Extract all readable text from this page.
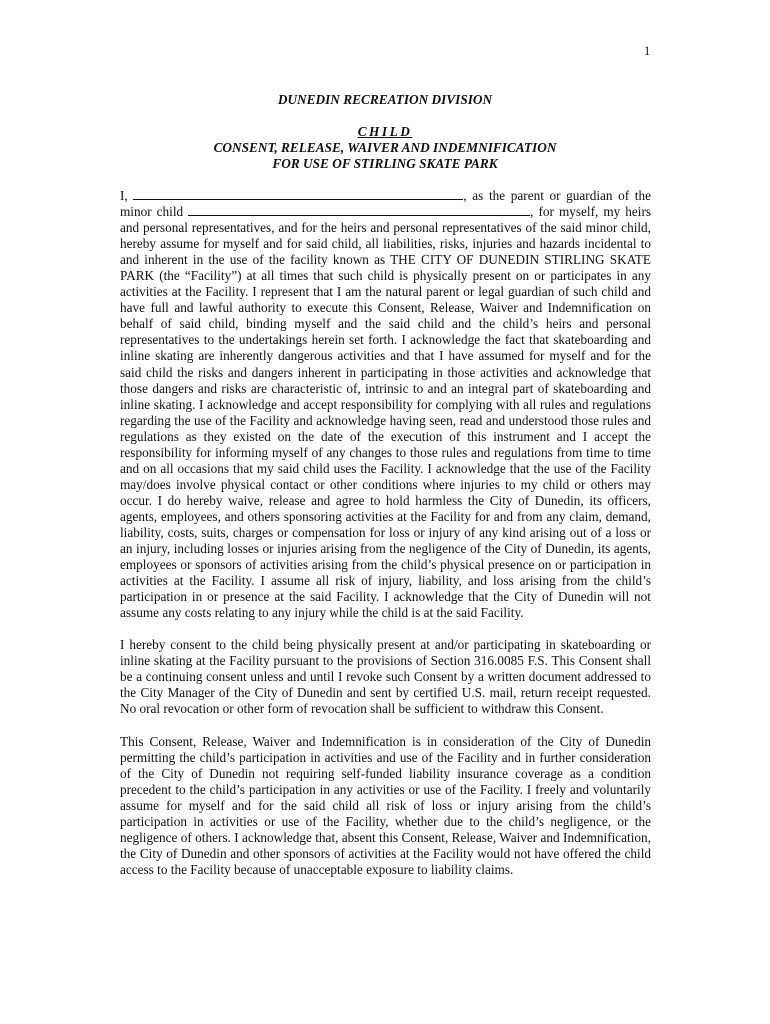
1
DUNEDIN RECREATION DIVISION
CHILD
CONSENT, RELEASE, WAIVER AND INDEMNIFICATION
FOR USE OF STIRLING SKATE PARK

I,	, as the parent or guardian of the minor child	, for myself, my heirs and personal representatives, and for the heirs and personal representatives of the said minor child, hereby assume for myself and for said child, all liabilities, risks, injuries and hazards incidental to and inherent in the use of the facility known as THE CITY OF DUNEDIN STIRLING SKATE PARK (the “Facility”) at all times that such child is physically present on or participates in any activities at the Facility. I represent that I am the natural parent or legal guardian of such child and have full and lawful authority to execute this Consent, Release, Waiver and Indemnification on behalf of said child, binding myself and the said child and the child’s heirs and personal representatives to the undertakings herein set forth. I acknowledge the fact that skateboarding and inline skating are inherently dangerous activities and that I have assumed for myself and for the said child the risks and dangers inherent in participating in those activities and acknowledge that those dangers and risks are characteristic of, intrinsic to and an integral part of skateboarding and inline skating. I acknowledge and accept responsibility for complying with all rules and regulations regarding the use of the Facility and acknowledge having seen, read and understood those rules and regulations as they existed on the date of the execution of this instrument and I accept the responsibility for informing myself of any changes to those rules and regulations from time to time and on all occasions that my said child uses the Facility. I acknowledge that the use of the Facility may/does involve physical contact or other conditions where injuries to my child or others may occur. I do hereby waive, release and agree to hold harmless the City of Dunedin, its officers, agents, employees, and others sponsoring activities at the Facility for and from any claim, demand, liability, costs, suits, charges or compensation for loss or injury of any kind arising out of a loss or an injury, including losses or injuries arising from the negligence of the City of Dunedin, its agents, employees or sponsors of activities arising from the child’s physical presence on or participation in activities at the Facility. I assume all risk of injury, liability, and loss arising from the child’s participation in or presence at the said Facility. I acknowledge that the City of Dunedin will not assume any costs relating to any injury while the child is at the said Facility.

I hereby consent to the child being physically present at and/or participating in skateboarding or inline skating at the Facility pursuant to the provisions of Section 316.0085 F.S. This Consent shall be a continuing consent unless and until I revoke such Consent by a written document addressed to the City Manager of the City of Dunedin and sent by certified U.S. mail, return receipt requested. No oral revocation or other form of revocation shall be sufficient to withdraw this Consent.

This Consent, Release, Waiver and Indemnification is in consideration of the City of Dunedin permitting the child’s participation in activities and use of the Facility and in further consideration of the City of Dunedin not requiring self-funded liability insurance coverage as a condition precedent to the child’s participation in any activities or use of the Facility. I freely and voluntarily assume for myself and for the said child all risk of loss or injury arising from the child’s participation in activities or use of the Facility, whether due to the child’s negligence, or the negligence of others. I acknowledge that, absent this Consent, Release, Waiver and Indemnification, the City of Dunedin and other sponsors of activities at the Facility would not have offered the child access to the Facility because of unacceptable exposure to liability claims.
